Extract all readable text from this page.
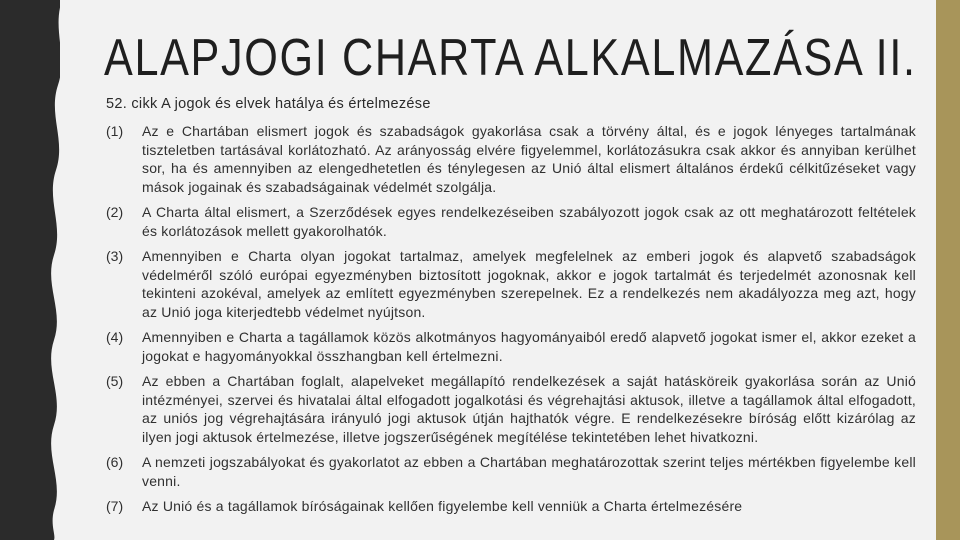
ALAPJOGI CHARTA ALKALMAZÁSA II.
52. cikk A jogok és elvek hatálya és értelmezése
(1)	Az e Chartában elismert jogok és szabadságok gyakorlása csak a törvény által, és e jogok lényeges tartalmának tiszteletben tartásával korlátozható. Az arányosság elvére figyelemmel, korlátozásukra csak akkor és annyiban kerülhet sor, ha és amennyiben az elengedhetetlen és ténylegesen az Unió által elismert általános érdekű célkitűzéseket vagy mások jogainak és szabadságainak védelmét szolgálja.
(2)	A Charta által elismert, a Szerződések egyes rendelkezéseiben szabályozott jogok csak az ott meghatározott feltételek és korlátozások mellett gyakorolhatók.
(3)	Amennyiben e Charta olyan jogokat tartalmaz, amelyek megfelelnek az emberi jogok és alapvető szabadságok védelméről szóló európai egyezményben biztosított jogoknak, akkor e jogok tartalmát és terjedelmét azonosnak kell tekinteni azokéval, amelyek az említett egyezményben szerepelnek. Ez a rendelkezés nem akadályozza meg azt, hogy az Unió joga kiterjedtebb védelmet nyújtson.
(4)	Amennyiben e Charta a tagállamok közös alkotmányos hagyományaiból eredő alapvető jogokat ismer el, akkor ezeket a jogokat e hagyományokkal összhangban kell értelmezni.
(5)	Az ebben a Chartában foglalt, alapelveket megállapító rendelkezések a saját hatásköreik gyakorlása során az Unió intézményei, szervei és hivatalai által elfogadott jogalkotási és végrehajtási aktusok, illetve a tagállamok által elfogadott, az uniós jog végrehajtására irányuló jogi aktusok útján hajthatók végre. E rendelkezésekre bíróság előtt kizárólag az ilyen jogi aktusok értelmezése, illetve jogszerűségének megítélése tekintetében lehet hivatkozni.
(6)	A nemzeti jogszabályokat és gyakorlatot az ebben a Chartában meghatározottak szerint teljes mértékben figyelembe kell venni.
(7)	Az Unió és a tagállamok bíróságainak kellően figyelembe kell venniük a Charta értelmezésére
